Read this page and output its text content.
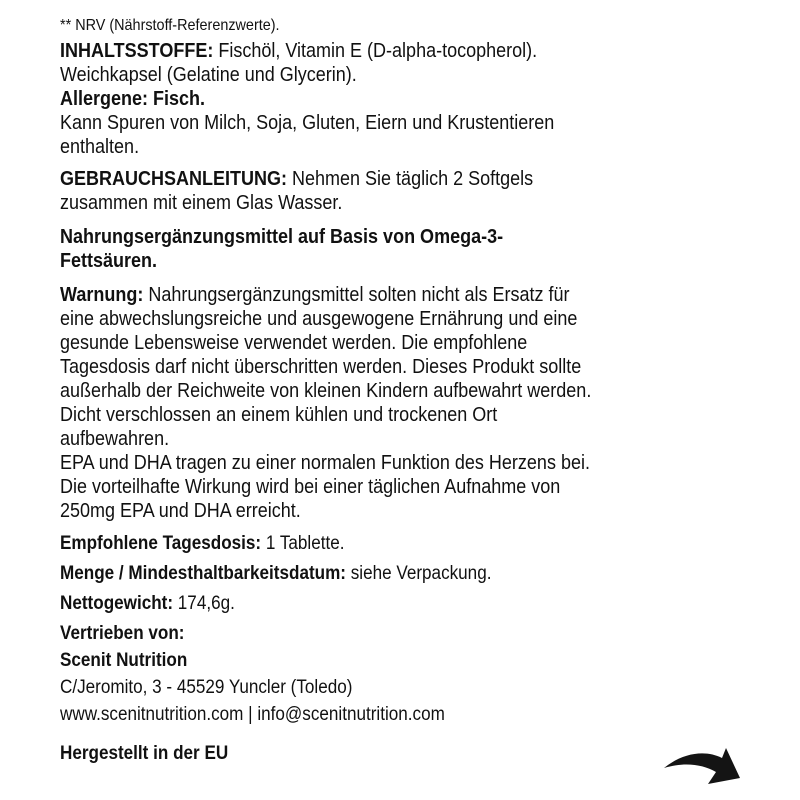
** NRV (Nährstoff-Referenzwerte).

INHALTSSTOFFE: Fischöl, Vitamin E (D-alpha-tocopherol). Weichkapsel (Gelatine und Glycerin).

Allergene: Fisch.

Kann Spuren von Milch, Soja, Gluten, Eiern und Krustentieren enthalten.

GEBRAUCHSANLEITUNG: Nehmen Sie täglich 2 Softgels zusammen mit einem Glas Wasser.

Nahrungsergänzungsmittel auf Basis von Omega-3-Fettsäuren.

Warnung: Nahrungsergänzungsmittel solten nicht als Ersatz für eine abwechslungsreiche und ausgewogene Ernährung und eine gesunde Lebensweise verwendet werden. Die empfohlene Tagesdosis darf nicht überschritten werden. Dieses Produkt sollte außerhalb der Reichweite von kleinen Kindern aufbewahrt werden. Dicht verschlossen an einem kühlen und trockenen Ort aufbewahren.

EPA und DHA tragen zu einer normalen Funktion des Herzens bei. Die vorteilhafte Wirkung wird bei einer täglichen Aufnahme von 250mg EPA und DHA erreicht.

Empfohlene Tagesdosis: 1 Tablette.

Menge / Mindesthaltbarkeitsdatum: siehe Verpackung.

Nettogewicht: 174,6g.

Vertrieben von:

Scenit Nutrition

C/Jeromito, 3 - 45529 Yuncler (Toledo)

www.scenitnutrition.com | info@scenitnutrition.com

Hergestellt in der EU
